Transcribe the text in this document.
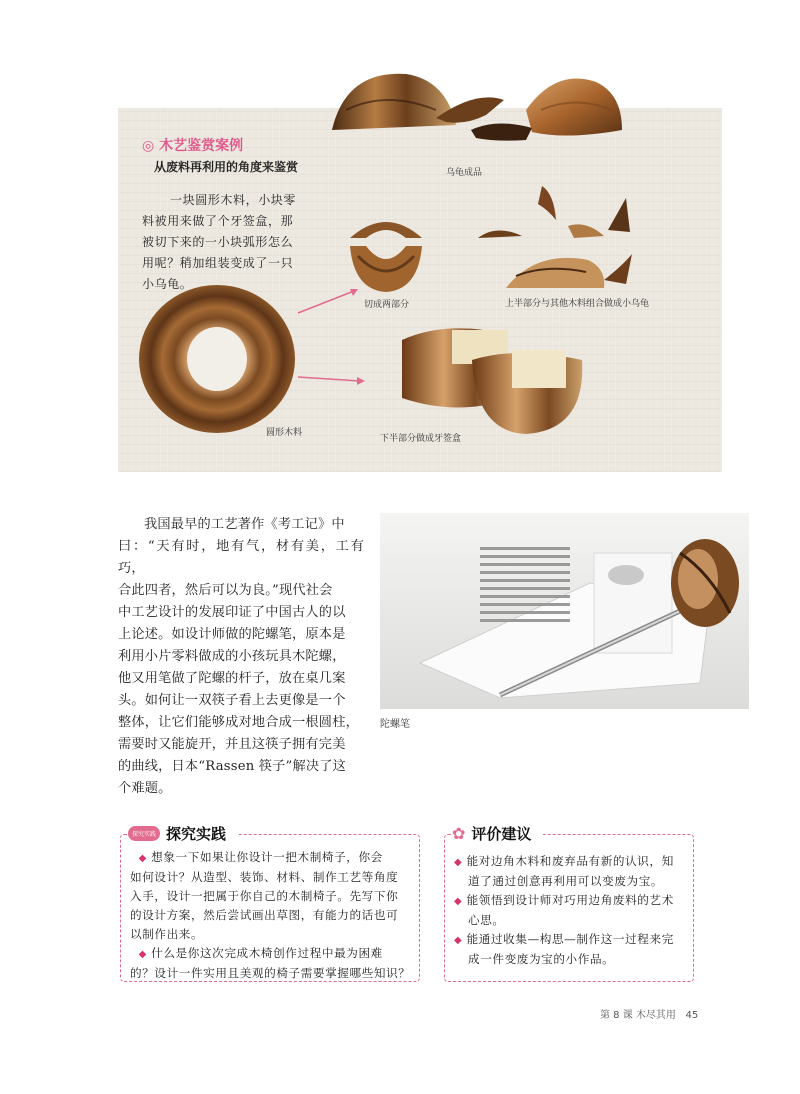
◎ 木艺鉴赏案例
从废料再利用的角度来鉴赏
一块圆形木料，小块零
料被用来做了个牙签盒，那
被切下来的一小块弧形怎么
用呢？稍加组装变成了一只
小乌龟。
乌龟成品
圆形木料
切成两部分	上半部分与其他木料组合做成小乌龟
下半部分做成牙签盒
我国最早的工艺著作《考工记》中
曰：“天有时，地有气，材有美，工有巧，
合此四者，然后可以为良。”现代社会
中工艺设计的发展印证了中国古人的以
上论述。如设计师做的陀螺笔，原本是
利用小片零料做成的小孩玩具木陀螺，
他又用笔做了陀螺的杆子，放在桌几案
头。如何让一双筷子看上去更像是一个
整体，让它们能够成对地合成一根圆柱，
需要时又能旋开，并且这筷子拥有完美
的曲线，日本“Rassen 筷子”解决了这
个难题。
陀螺笔
探究实践 探究实践
◆ 想象一下如果让你设计一把木制椅子，你会
如何设计？从造型、装饰、材料、制作工艺等角度
入手，设计一把属于你自己的木制椅子。先写下你
的设计方案，然后尝试画出草图，有能力的话也可
以制作出来。
◆ 什么是你这次完成木椅创作过程中最为困难
的？设计一件实用且美观的椅子需要掌握哪些知识？
✿ 评价建议
◆ 能对边角木料和废弃品有新的认识，知
道了通过创意再利用可以变废为宝。
◆ 能领悟到设计师对巧用边角废料的艺术
心思。
◆ 能通过收集—构思—制作这一过程来完
成一件变废为宝的小作品。
第 8 课 木尽其用 45
